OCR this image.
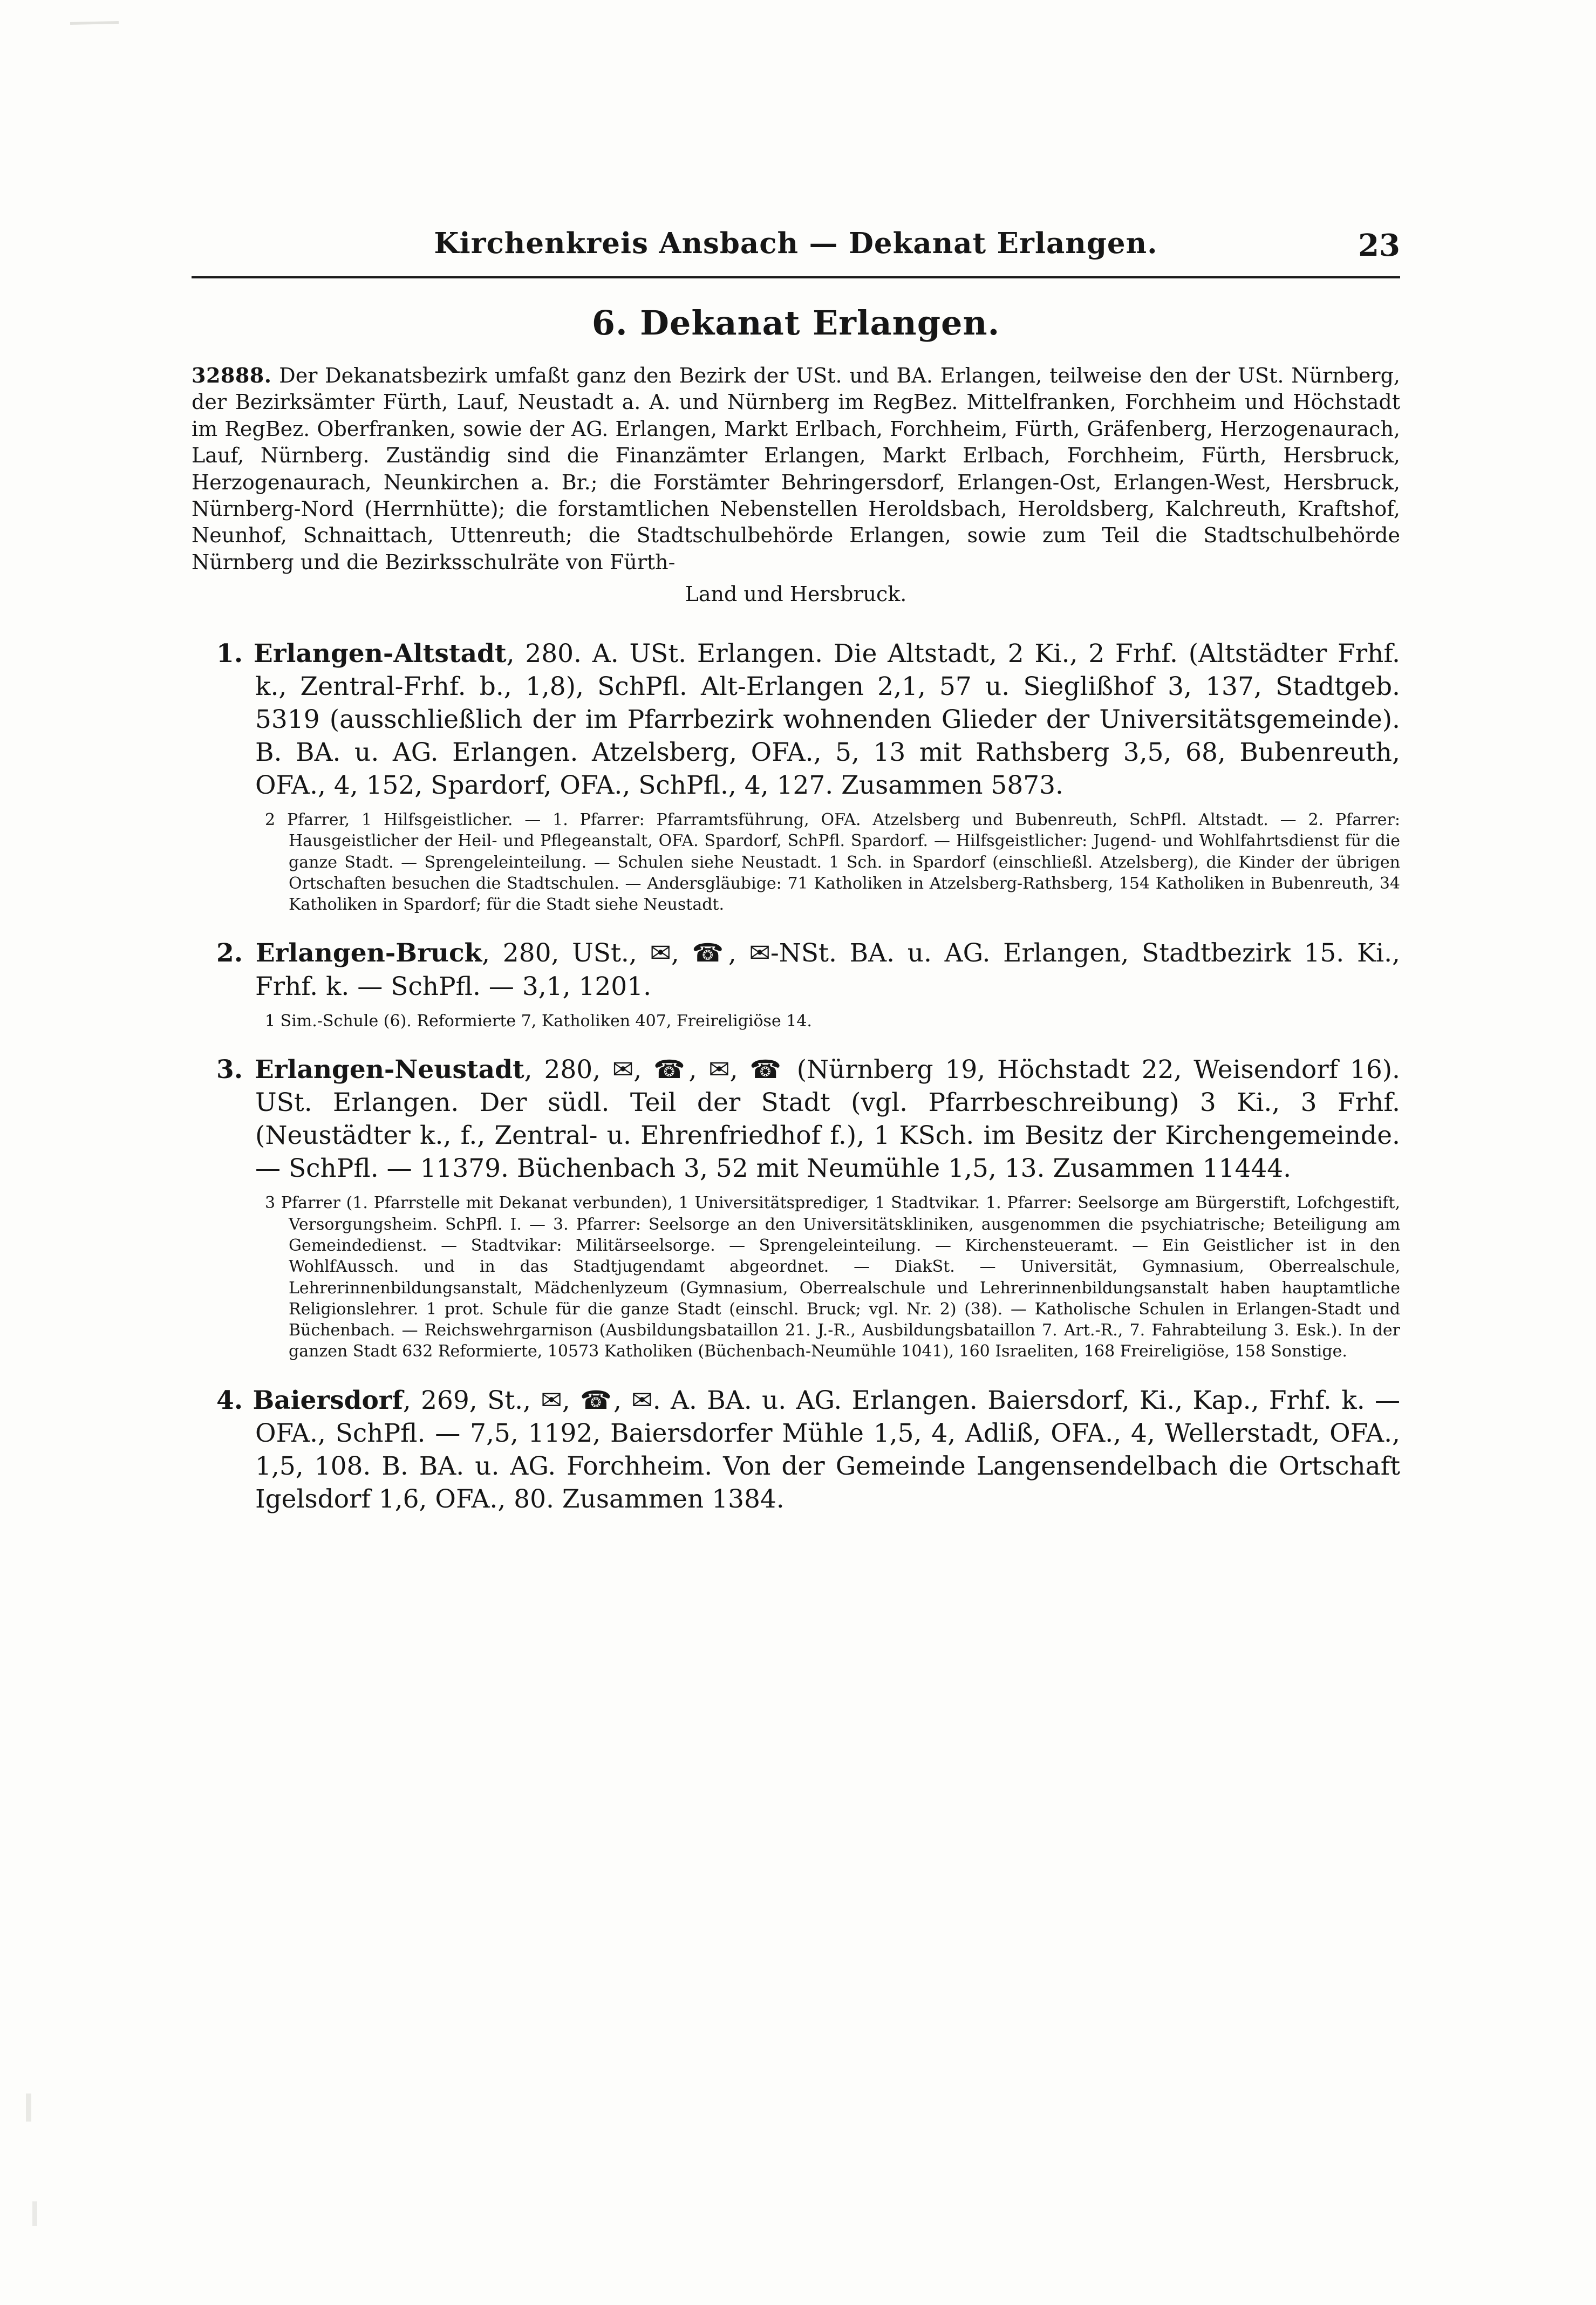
Kirchenkreis Ansbach — Dekanat Erlangen.	23
6. Dekanat Erlangen.
32888. Der Dekanatsbezirk umfaßt ganz den Bezirk der USt. und BA. Erlangen, teilweise den der USt. Nürnberg, der Bezirksämter Fürth, Lauf, Neustadt a. A. und Nürnberg im RegBez. Mittelfranken, Forchheim und Höchstadt im RegBez. Oberfranken, sowie der AG. Erlangen, Markt Erlbach, Forchheim, Fürth, Gräfenberg, Herzogenaurach, Lauf, Nürnberg. Zuständig sind die Finanzämter Erlangen, Markt Erlbach, Forchheim, Fürth, Hersbruck, Herzogenaurach, Neunkirchen a. Br.; die Forstämter Behringersdorf, Erlangen-Ost, Erlangen-West, Hersbruck, Nürnberg-Nord (Herrnhütte); die forstamtlichen Nebenstellen Heroldsbach, Heroldsberg, Kalchreuth, Kraftshof, Neunhof, Schnaittach, Uttenreuth; die Stadtschulbehörde Erlangen, sowie zum Teil die Stadtschulbehörde Nürnberg und die Bezirksschulräte von Fürth-
Land und Hersbruck.
1. Erlangen-Altstadt, 280. A. USt. Erlangen. Die Altstadt, 2 Ki., 2 Frhf. (Altstädter Frhf. k., Zentral-Frhf. b., 1,8), SchPfl. Alt-Erlangen 2,1, 57 u. Sieglißhof 3, 137, Stadtgeb. 5319 (ausschließlich der im Pfarrbezirk wohnenden Glieder der Universitätsgemeinde). B. BA. u. AG. Erlangen. Atzelsberg, OFA., 5, 13 mit Rathsberg 3,5, 68, Bubenreuth, OFA., 4, 152, Spardorf, OFA., SchPfl., 4, 127. Zusammen 5873.
2 Pfarrer, 1 Hilfsgeistlicher. — 1. Pfarrer: Pfarramtsführung, OFA. Atzelsberg und Bubenreuth, SchPfl. Altstadt. — 2. Pfarrer: Hausgeistlicher der Heil- und Pflegeanstalt, OFA. Spardorf, SchPfl. Spardorf. — Hilfsgeistlicher: Jugend- und Wohlfahrtsdienst für die ganze Stadt. — Sprengeleinteilung. — Schulen siehe Neustadt. 1 Sch. in Spardorf (einschließl. Atzelsberg), die Kinder der übrigen Ortschaften besuchen die Stadtschulen. — Andersgläubige: 71 Katholiken in Atzelsberg-Rathsberg, 154 Katholiken in Bubenreuth, 34 Katholiken in Spardorf; für die Stadt siehe Neustadt.
2. Erlangen-Bruck, 280, USt., ✉, ☎, ✉-NSt. BA. u. AG. Erlangen, Stadtbezirk 15. Ki., Frhf. k. — SchPfl. — 3,1, 1201.
1 Sim.-Schule (6). Reformierte 7, Katholiken 407, Freireligiöse 14.
3. Erlangen-Neustadt, 280, ✉, ☎, ✉, ☎ (Nürnberg 19, Höchstadt 22, Weisendorf 16). USt. Erlangen. Der südl. Teil der Stadt (vgl. Pfarrbeschreibung) 3 Ki., 3 Frhf. (Neustädter k., f., Zentral- u. Ehrenfriedhof f.), 1 KSch. im Besitz der Kirchengemeinde. — SchPfl. — 11379. Büchenbach 3, 52 mit Neumühle 1,5, 13. Zusammen 11444.
3 Pfarrer (1. Pfarrstelle mit Dekanat verbunden), 1 Universitätsprediger, 1 Stadtvikar. 1. Pfarrer: Seelsorge am Bürgerstift, Lofchgestift, Versorgungsheim. SchPfl. I. — 3. Pfarrer: Seelsorge an den Universitätskliniken, ausgenommen die psychiatrische; Beteiligung am Gemeindedienst. — Stadtvikar: Militärseelsorge. — Sprengeleinteilung. — Kirchensteueramt. — Ein Geistlicher ist in den WohlfAussch. und in das Stadtjugendamt abgeordnet. — DiakSt. — Universität, Gymnasium, Oberrealschule, Lehrerinnenbildungsanstalt, Mädchenlyzeum (Gymnasium, Oberrealschule und Lehrerinnenbildungsanstalt haben hauptamtliche Religionslehrer. 1 prot. Schule für die ganze Stadt (einschl. Bruck; vgl. Nr. 2) (38). — Katholische Schulen in Erlangen-Stadt und Büchenbach. — Reichswehrgarnison (Ausbildungsbataillon 21. J.-R., Ausbildungsbataillon 7. Art.-R., 7. Fahrabteilung 3. Esk.). In der ganzen Stadt 632 Reformierte, 10573 Katholiken (Büchenbach-Neumühle 1041), 160 Israeliten, 168 Freireligiöse, 158 Sonstige.
4. Baiersdorf, 269, St., ✉, ☎, ✉. A. BA. u. AG. Erlangen. Baiersdorf, Ki., Kap., Frhf. k. — OFA., SchPfl. — 7,5, 1192, Baiersdorfer Mühle 1,5, 4, Adliß, OFA., 4, Wellerstadt, OFA., 1,5, 108. B. BA. u. AG. Forchheim. Von der Gemeinde Langensendelbach die Ortschaft Igelsdorf 1,6, OFA., 80. Zusammen 1384.
